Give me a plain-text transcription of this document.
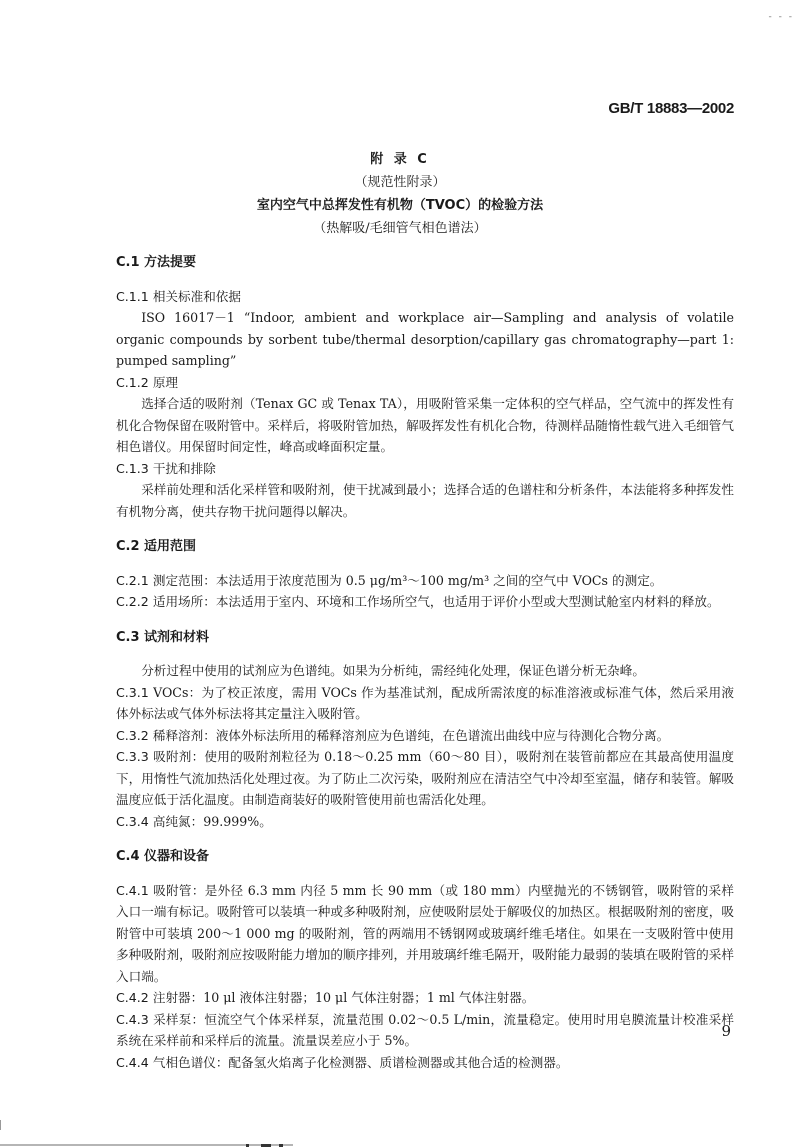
- - -
GB/T 18883—2002
附 录 C
（规范性附录）
室内空气中总挥发性有机物（TVOC）的检验方法
（热解吸/毛细管气相色谱法）

C.1 方法提要

C.1.1 相关标准和依据

ISO 16017－1 “Indoor, ambient and workplace air—Sampling and analysis of volatile organic compounds by sorbent tube/thermal desorption/capillary gas chromatography—part 1: pumped sampling”

C.1.2 原理

选择合适的吸附剂（Tenax GC 或 Tenax TA），用吸附管采集一定体积的空气样品，空气流中的挥发性有机化合物保留在吸附管中。采样后，将吸附管加热，解吸挥发性有机化合物，待测样品随惰性载气进入毛细管气相色谱仪。用保留时间定性，峰高或峰面积定量。

C.1.3 干扰和排除

采样前处理和活化采样管和吸附剂，使干扰减到最小；选择合适的色谱柱和分析条件，本法能将多种挥发性有机物分离，使共存物干扰问题得以解决。

C.2 适用范围

C.2.1 测定范围：本法适用于浓度范围为 0.5 μg/m³～100 mg/m³ 之间的空气中 VOCs 的测定。

C.2.2 适用场所：本法适用于室内、环境和工作场所空气，也适用于评价小型或大型测试舱室内材料的释放。

C.3 试剂和材料

分析过程中使用的试剂应为色谱纯。如果为分析纯，需经纯化处理，保证色谱分析无杂峰。

C.3.1 VOCs：为了校正浓度，需用 VOCs 作为基准试剂，配成所需浓度的标准溶液或标准气体，然后采用液体外标法或气体外标法将其定量注入吸附管。

C.3.2 稀释溶剂：液体外标法所用的稀释溶剂应为色谱纯，在色谱流出曲线中应与待测化合物分离。

C.3.3 吸附剂：使用的吸附剂粒径为 0.18～0.25 mm（60～80 目），吸附剂在装管前都应在其最高使用温度下，用惰性气流加热活化处理过夜。为了防止二次污染，吸附剂应在清洁空气中冷却至室温，储存和装管。解吸温度应低于活化温度。由制造商装好的吸附管使用前也需活化处理。

C.3.4 高纯氮：99.999%。

C.4 仪器和设备

C.4.1 吸附管：是外径 6.3 mm 内径 5 mm 长 90 mm（或 180 mm）内壁抛光的不锈钢管，吸附管的采样入口一端有标记。吸附管可以装填一种或多种吸附剂，应使吸附层处于解吸仪的加热区。根据吸附剂的密度，吸附管中可装填 200～1 000 mg 的吸附剂，管的两端用不锈钢网或玻璃纤维毛堵住。如果在一支吸附管中使用多种吸附剂，吸附剂应按吸附能力增加的顺序排列，并用玻璃纤维毛隔开，吸附能力最弱的装填在吸附管的采样入口端。

C.4.2 注射器：10 μl 液体注射器；10 μl 气体注射器；1 ml 气体注射器。

C.4.3 采样泵：恒流空气个体采样泵，流量范围 0.02～0.5 L/min，流量稳定。使用时用皂膜流量计校准采样系统在采样前和采样后的流量。流量误差应小于 5%。

C.4.4 气相色谱仪：配备氢火焰离子化检测器、质谱检测器或其他合适的检测器。

9
